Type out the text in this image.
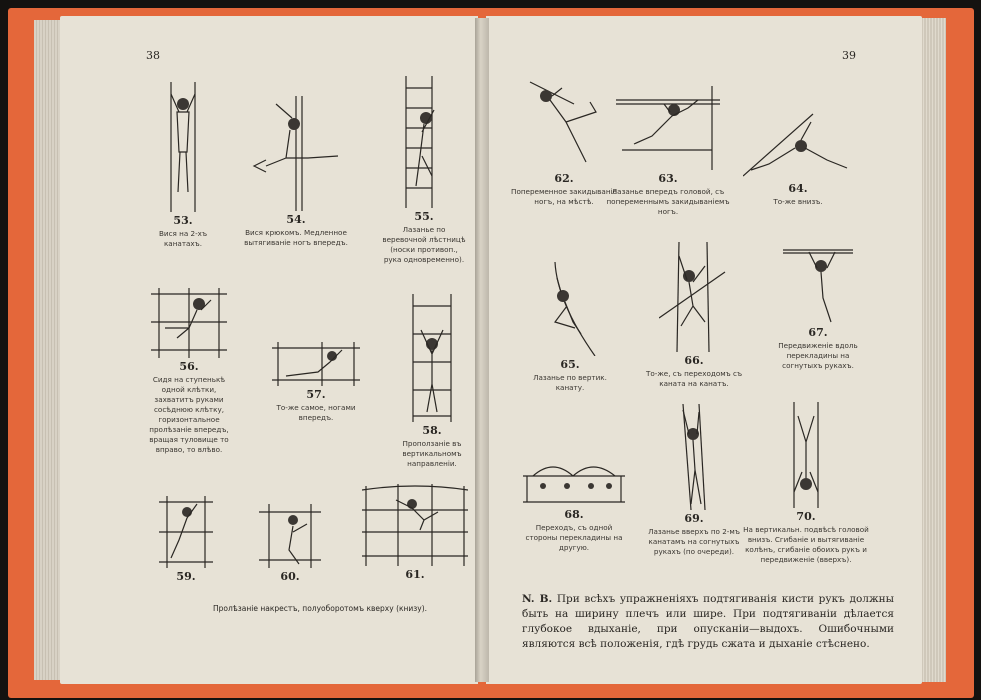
38
53.
Вися на 2-хъ канатахъ.
54.
Вися крюкомъ. Медленное вытягиванiе ногъ впередъ.
55.
Лазанье по веревочной лѣстницѣ (носки противоп., рука одновременно).
56.
Сидя на ступенькѣ одной клѣтки, захватитъ руками сосѣднюю клѣтку, горизонтальное пролѣзанiе впередъ, вращая туловище то вправо, то влѣво.
57.
То-же самое, ногами впередъ.
58.
Проползанiе въ вертикальномъ направленiи.
59.	60.	61.
Пролѣзанiе накрестъ, полуоборотомъ кверху (книзу).
39
62.
Попеременное закидыванiе ногъ, на мѣстѣ.
63.
Лазанье впередъ головой, съ попеременнымъ закидыванiемъ ногъ.
64.
То-же внизъ.
65.
Лазанье по вертик. канату.
66.
То-же, съ переходомъ съ каната на канатъ.
67.
Передвиженiе вдоль перекладины на согнутыхъ рукахъ.
68.
Переходъ, съ одной стороны перекладины на другую.
69.
Лазанье вверхъ по 2-мъ канатамъ на согнутыхъ рукахъ (по очереди).
70.
На вертикальн. подвѣсѣ головой внизъ. Сгибанiе и вытягиванiе колѣнъ, сгибанiе обоихъ рукъ и передвиженiе (вверхъ).
N. B. При всѣхъ упражненiяхъ подтягиванiя кисти рукъ должны быть на ширину плечъ или шире. При подтягиванiи дѣлается глубокое вдыханiе, при опусканiи—выдохъ. Ошибочными являются всѣ положенiя, гдѣ грудь сжата и дыханiе стѣснено.
